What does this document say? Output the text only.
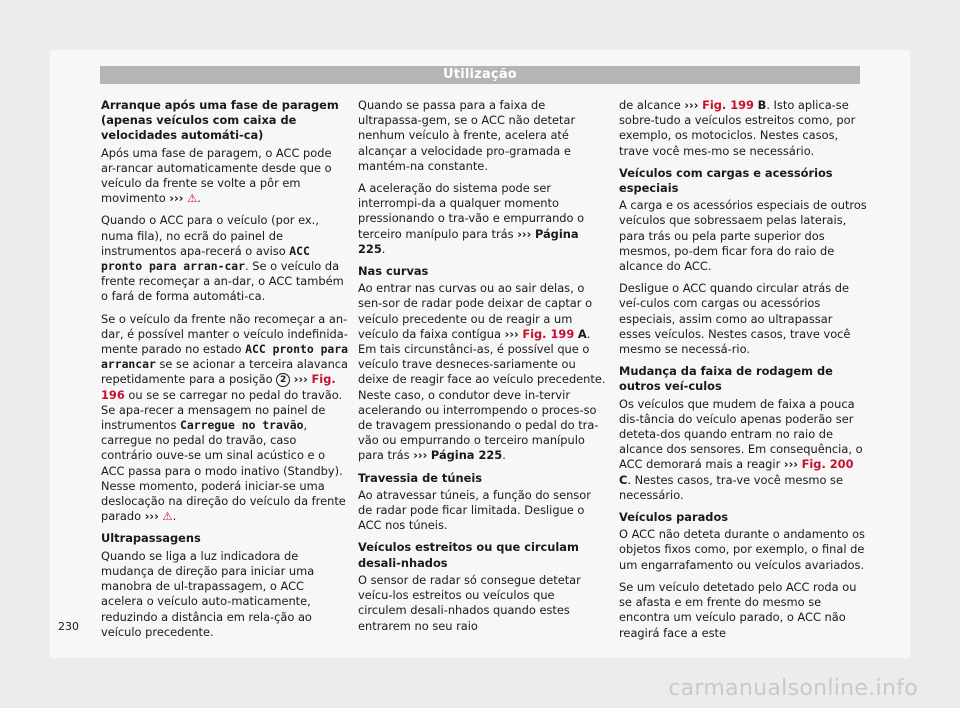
Utilização

Arranque após uma fase de paragem (apenas veículos com caixa de velocidades automáti-ca)

Após uma fase de paragem, o ACC pode ar-rancar automaticamente desde que o veículo da frente se volte a pôr em movimento ››› ⚠.

Quando o ACC para o veículo (por ex., numa fila), no ecrã do painel de instrumentos apa-recerá o aviso ACC pronto para arran-car. Se o veículo da frente recomeçar a an-dar, o ACC também o fará de forma automáti-ca.

Se o veículo da frente não recomeçar a an-dar, é possível manter o veículo indefinida-mente parado no estado ACC pronto para arrancar se se acionar a terceira alavanca repetidamente para a posição 2 ››› Fig. 196 ou se se carregar no pedal do travão. Se apa-recer a mensagem no painel de instrumentos Carregue no travão, carregue no pedal do travão, caso contrário ouve-se um sinal acústico e o ACC passa para o modo inativo (Standby). Nesse momento, poderá iniciar-se uma deslocação na direção do veículo da frente parado ››› ⚠.

Ultrapassagens

Quando se liga a luz indicadora de mudança de direção para iniciar uma manobra de ul-trapassagem, o ACC acelera o veículo auto-maticamente, reduzindo a distância em rela-ção ao veículo precedente.

Quando se passa para a faixa de ultrapassa-gem, se o ACC não detetar nenhum veículo à frente, acelera até alcançar a velocidade pro-gramada e mantém-na constante.

A aceleração do sistema pode ser interrompi-da a qualquer momento pressionando o tra-vão e empurrando o terceiro manípulo para trás ››› Página 225.

Nas curvas

Ao entrar nas curvas ou ao sair delas, o sen-sor de radar pode deixar de captar o veículo precedente ou de reagir a um veículo da faixa contígua ››› Fig. 199 A. Em tais circunstânci-as, é possível que o veículo trave desneces-sariamente ou deixe de reagir face ao veículo precedente. Neste caso, o condutor deve in-tervir acelerando ou interrompendo o proces-so de travagem pressionando o pedal do tra-vão ou empurrando o terceiro manípulo para trás ››› Página 225.

Travessia de túneis

Ao atravessar túneis, a função do sensor de radar pode ficar limitada. Desligue o ACC nos túneis.

Veículos estreitos ou que circulam desali-nhados

O sensor de radar só consegue detetar veícu-los estreitos ou veículos que circulem desali-nhados quando estes entrarem no seu raio

de alcance ››› Fig. 199 B. Isto aplica-se sobre-tudo a veículos estreitos como, por exemplo, os motociclos. Nestes casos, trave você mes-mo se necessário.

Veículos com cargas e acessórios especiais

A carga e os acessórios especiais de outros veículos que sobressaem pelas laterais, para trás ou pela parte superior dos mesmos, po-dem ficar fora do raio de alcance do ACC.

Desligue o ACC quando circular atrás de veí-culos com cargas ou acessórios especiais, assim como ao ultrapassar esses veículos. Nestes casos, trave você mesmo se necessá-rio.

Mudança da faixa de rodagem de outros veí-culos

Os veículos que mudem de faixa a pouca dis-tância do veículo apenas poderão ser deteta-dos quando entram no raio de alcance dos sensores. Em consequência, o ACC demorará mais a reagir ››› Fig. 200 C. Nestes casos, tra-ve você mesmo se necessário.

Veículos parados

O ACC não deteta durante o andamento os objetos fixos como, por exemplo, o final de um engarrafamento ou veículos avariados.

Se um veículo detetado pelo ACC roda ou se afasta e em frente do mesmo se encontra um veículo parado, o ACC não reagirá face a este

230
carmanualsonline.info
